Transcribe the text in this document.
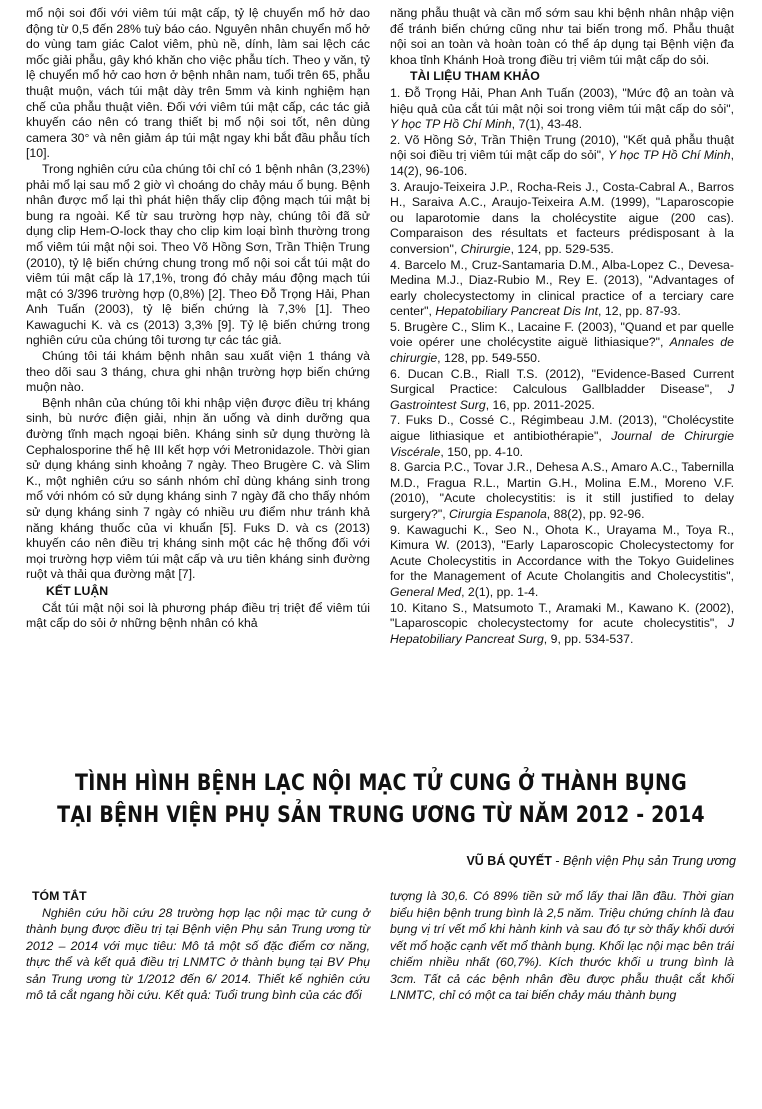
mổ nội soi đối với viêm túi mật cấp, tỷ lệ chuyển mổ hở dao động từ 0,5 đến 28% tuỳ báo cáo. Nguyên nhân chuyển mổ hở do vùng tam giác Calot viêm, phù nề, dính, làm sai lệch các mốc giải phẫu, gây khó khăn cho việc phẫu tích. Theo y văn, tỷ lệ chuyển mổ hở cao hơn ở bệnh nhân nam, tuổi trên 65, phẫu thuật muộn, vách túi mật dày trên 5mm và kinh nghiệm hạn chế của phẫu thuật viên. Đối với viêm túi mật cấp, các tác giả khuyến cáo nên có trang thiết bị mổ nội soi tốt, nên dùng camera 30° và nên giảm áp túi mật ngay khi bắt đầu phẫu tích [10].

Trong nghiên cứu của chúng tôi chỉ có 1 bệnh nhân (3,23%) phải mổ lại sau mổ 2 giờ vì choáng do chảy máu ổ bụng. Bệnh nhân được mổ lại thì phát hiện thấy clip động mạch túi mật bị bung ra ngoài. Kể từ sau trường hợp này, chúng tôi đã sử dụng clip Hem-O-lock thay cho clip kim loại bình thường trong mổ viêm túi mật nội soi. Theo Võ Hồng Sơn, Trần Thiện Trung (2010), tỷ lệ biến chứng chung trong mổ nội soi cắt túi mật do viêm túi mật cấp là 17,1%, trong đó chảy máu động mạch túi mật có 3/396 trường hợp (0,8%) [2]. Theo Đỗ Trọng Hải, Phan Anh Tuấn (2003), tỷ lệ biến chứng là 7,3% [1]. Theo Kawaguchi K. và cs (2013) 3,3% [9]. Tỷ lệ biến chứng trong nghiên cứu của chúng tôi tương tự các tác giả.

Chúng tôi tái khám bệnh nhân sau xuất viện 1 tháng và theo dõi sau 3 tháng, chưa ghi nhận trường hợp biến chứng muộn nào.

Bệnh nhân của chúng tôi khi nhập viện được điều trị kháng sinh, bù nước điện giải, nhịn ăn uống và dinh dưỡng qua đường tĩnh mạch ngoại biên. Kháng sinh sử dụng thường là Cephalosporine thế hệ III kết hợp với Metronidazole. Thời gian sử dụng kháng sinh khoảng 7 ngày. Theo Brugère C. và Slim K., một nghiên cứu so sánh nhóm chỉ dùng kháng sinh trong mổ với nhóm có sử dụng kháng sinh 7 ngày đã cho thấy nhóm sử dụng kháng sinh 7 ngày có nhiều ưu điểm như tránh khả năng kháng thuốc của vi khuẩn [5]. Fuks D. và cs (2013) khuyến cáo nên điều trị kháng sinh một các hệ thống đối với mọi trường hợp viêm túi mật cấp và ưu tiên kháng sinh đường ruột và thải qua đường mật [7].

KẾT LUẬN

Cắt túi mật nội soi là phương pháp điều trị triệt để viêm túi mật cấp do sỏi ở những bệnh nhân có khả

năng phẫu thuật và cần mổ sớm sau khi bệnh nhân nhập viện để tránh biến chứng cũng như tai biến trong mổ. Phẫu thuật nội soi an toàn và hoàn toàn có thể áp dụng tại Bệnh viện đa khoa tỉnh Khánh Hoà trong điều trị viêm túi mật cấp do sỏi.

TÀI LIỆU THAM KHẢO

1. Đỗ Trọng Hải, Phan Anh Tuấn (2003), "Mức độ an toàn và hiệu quả của cắt túi mật nội soi trong viêm túi mật cấp do sỏi", Y học TP Hồ Chí Minh, 7(1), 43-48.

2. Võ Hồng Sở, Trần Thiện Trung (2010), "Kết quả phẫu thuật nội soi điều trị viêm túi mật cấp do sỏi", Y học TP Hồ Chí Minh, 14(2), 96-106.

3. Araujo-Teixeira J.P., Rocha-Reis J., Costa-Cabral A., Barros H., Saraiva A.C., Araujo-Teixeira A.M. (1999), "Laparoscopie ou laparotomie dans la cholécystite aigue (200 cas). Comparaison des résultats et facteurs prédisposant à la conversion", Chirurgie, 124, pp. 529-535.

4. Barcelo M., Cruz-Santamaria D.M., Alba-Lopez C., Devesa-Medina M.J., Diaz-Rubio M., Rey E. (2013), "Advantages of early cholecystectomy in clinical practice of a terciary care center", Hepatobiliary Pancreat Dis Int, 12, pp. 87-93.

5. Brugère C., Slim K., Lacaine F. (2003), "Quand et par quelle voie opérer une cholécystite aiguë lithiasique?", Annales de chirurgie, 128, pp. 549-550.

6. Ducan C.B., Riall T.S. (2012), "Evidence-Based Current Surgical Practice: Calculous Gallbladder Disease", J Gastrointest Surg, 16, pp. 2011-2025.

7. Fuks D., Cossé C., Régimbeau J.M. (2013), "Cholécystite aigue lithiasique et antibiothérapie", Journal de Chirurgie Viscérale, 150, pp. 4-10.

8. Garcia P.C., Tovar J.R., Dehesa A.S., Amaro A.C., Tabernilla M.D., Fragua R.L., Martin G.H., Molina E.M., Moreno V.F. (2010), "Acute cholecystitis: is it still justified to delay surgery?", Cirurgia Espanola, 88(2), pp. 92-96.

9. Kawaguchi K., Seo N., Ohota K., Urayama M., Toya R., Kimura W. (2013), "Early Laparoscopic Cholecystectomy for Acute Cholecystitis in Accordance with the Tokyo Guidelines for the Management of Acute Cholangitis and Cholecystitis", General Med, 2(1), pp. 1-4.

10. Kitano S., Matsumoto T., Aramaki M., Kawano K. (2002), "Laparoscopic cholecystectomy for acute cholecystitis", J Hepatobiliary Pancreat Surg, 9, pp. 534-537.

TÌNH HÌNH BỆNH LẠC NỘI MẠC TỬ CUNG Ở THÀNH BỤNG
TẠI BỆNH VIỆN PHỤ SẢN TRUNG ƯƠNG TỪ NĂM 2012 - 2014
VŨ BÁ QUYẾT - Bệnh viện Phụ sản Trung ương
TÓM TẮT

Nghiên cứu hồi cứu 28 trường hợp lạc nội mạc tử cung ở thành bụng được điều trị tại Bệnh viện Phụ sản Trung ương từ 2012 – 2014 với mục tiêu: Mô tả một số đặc điểm cơ năng, thực thể và kết quả điều trị LNMTC ở thành bụng tại BV Phụ sản Trung ương từ 1/2012 đến 6/ 2014. Thiết kế nghiên cứu mô tả cắt ngang hồi cứu. Kết quả: Tuổi trung bình của các đối

tượng là 30,6. Có 89% tiền sử mổ lấy thai lần đầu. Thời gian biểu hiện bệnh trung bình là 2,5 năm. Triệu chứng chính là đau bụng vị trí vết mổ khi hành kinh và sau đó tự sờ thấy khối dưới vết mổ hoặc cạnh vết mổ thành bụng. Khối lạc nội mạc bên trái chiếm nhiều nhất (60,7%). Kích thước khối u trung bình là 3cm. Tất cả các bệnh nhân đều được phẫu thuật cắt khối LNMTC, chỉ có một ca tai biến chảy máu thành bụng
